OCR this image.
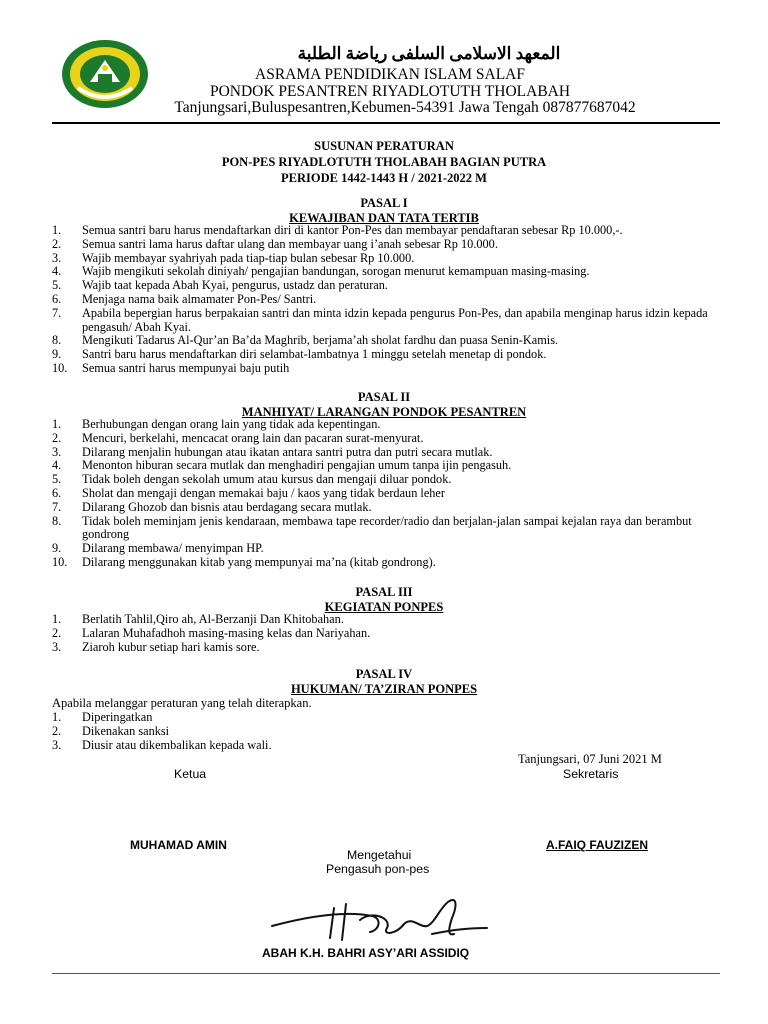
المعهد الاسلامى السلفى رياضة الطلبة
ASRAMA PENDIDIKAN ISLAM SALAF
PONDOK PESANTREN RIYADLOTUTH THOLABAH
Tanjungsari,Buluspesantren,Kebumen-54391 Jawa Tengah 087877687042
SUSUNAN PERATURAN
PON-PES RIYADLOTUTH THOLABAH BAGIAN PUTRA
PERIODE 1442-1443 H / 2021-2022 M
PASAL I
KEWAJIBAN DAN TATA TERTIB
1.	Semua santri baru harus mendaftarkan diri di kantor Pon-Pes dan membayar pendaftaran sebesar Rp 10.000,-.
2.	Semua santri lama harus daftar ulang dan membayar uang i’anah sebesar Rp 10.000.
3.	Wajib membayar syahriyah pada tiap-tiap bulan sebesar Rp 10.000.
4.	Wajib mengikuti sekolah diniyah/ pengajian bandungan, sorogan menurut kemampuan masing-masing.
5.	Wajib taat kepada Abah Kyai, pengurus, ustadz dan peraturan.
6.	Menjaga nama baik almamater Pon-Pes/ Santri.
7.	Apabila bepergian harus berpakaian santri dan minta idzin kepada pengurus Pon-Pes, dan apabila menginap harus idzin kepada pengasuh/ Abah Kyai.
8.	Mengikuti Tadarus Al-Qur’an Ba’da Maghrib, berjama’ah sholat fardhu dan puasa Senin-Kamis.
9.	Santri baru harus mendaftarkan diri selambat-lambatnya 1 minggu setelah menetap di pondok.
10.	Semua santri harus mempunyai baju putih
PASAL II
MANHIYAT/ LARANGAN PONDOK PESANTREN
1.	Berhubungan dengan orang lain yang tidak ada kepentingan.
2.	Mencuri, berkelahi, mencacat orang lain dan pacaran surat-menyurat.
3.	Dilarang menjalin hubungan atau ikatan antara santri putra dan putri secara mutlak.
4.	Menonton hiburan secara mutlak dan menghadiri pengajian umum tanpa ijin pengasuh.
5.	Tidak boleh dengan sekolah umum atau kursus dan mengaji diluar pondok.
6.	Sholat dan mengaji dengan memakai baju / kaos yang tidak berdaun leher
7.	Dilarang Ghozob dan bisnis atau berdagang secara mutlak.
8.	Tidak boleh meminjam jenis kendaraan, membawa tape recorder/radio dan berjalan-jalan sampai kejalan raya dan berambut gondrong
9.	Dilarang membawa/ menyimpan HP.
10.	Dilarang menggunakan kitab yang mempunyai ma’na (kitab gondrong).
PASAL III
KEGIATAN PONPES
1.	Berlatih Tahlil,Qiro ah, Al-Berzanji Dan Khitobahan.
2.	Lalaran Muhafadhoh masing-masing kelas dan Nariyahan.
3.	Ziaroh kubur setiap hari kamis sore.
PASAL IV
HUKUMAN/ TA’ZIRAN PONPES
Apabila melanggar peraturan yang telah diterapkan.
1.	Diperingatkan
2.	Dikenakan sanksi
3.	Diusir atau dikembalikan kepada wali.
Tanjungsari, 07 Juni 2021 M
Ketua	Sekretaris
MUHAMAD AMIN	A.FAIQ FAUZIZEN
Mengetahui
Pengasuh pon-pes
ABAH K.H. BAHRI ASY’ARI ASSIDIQ
